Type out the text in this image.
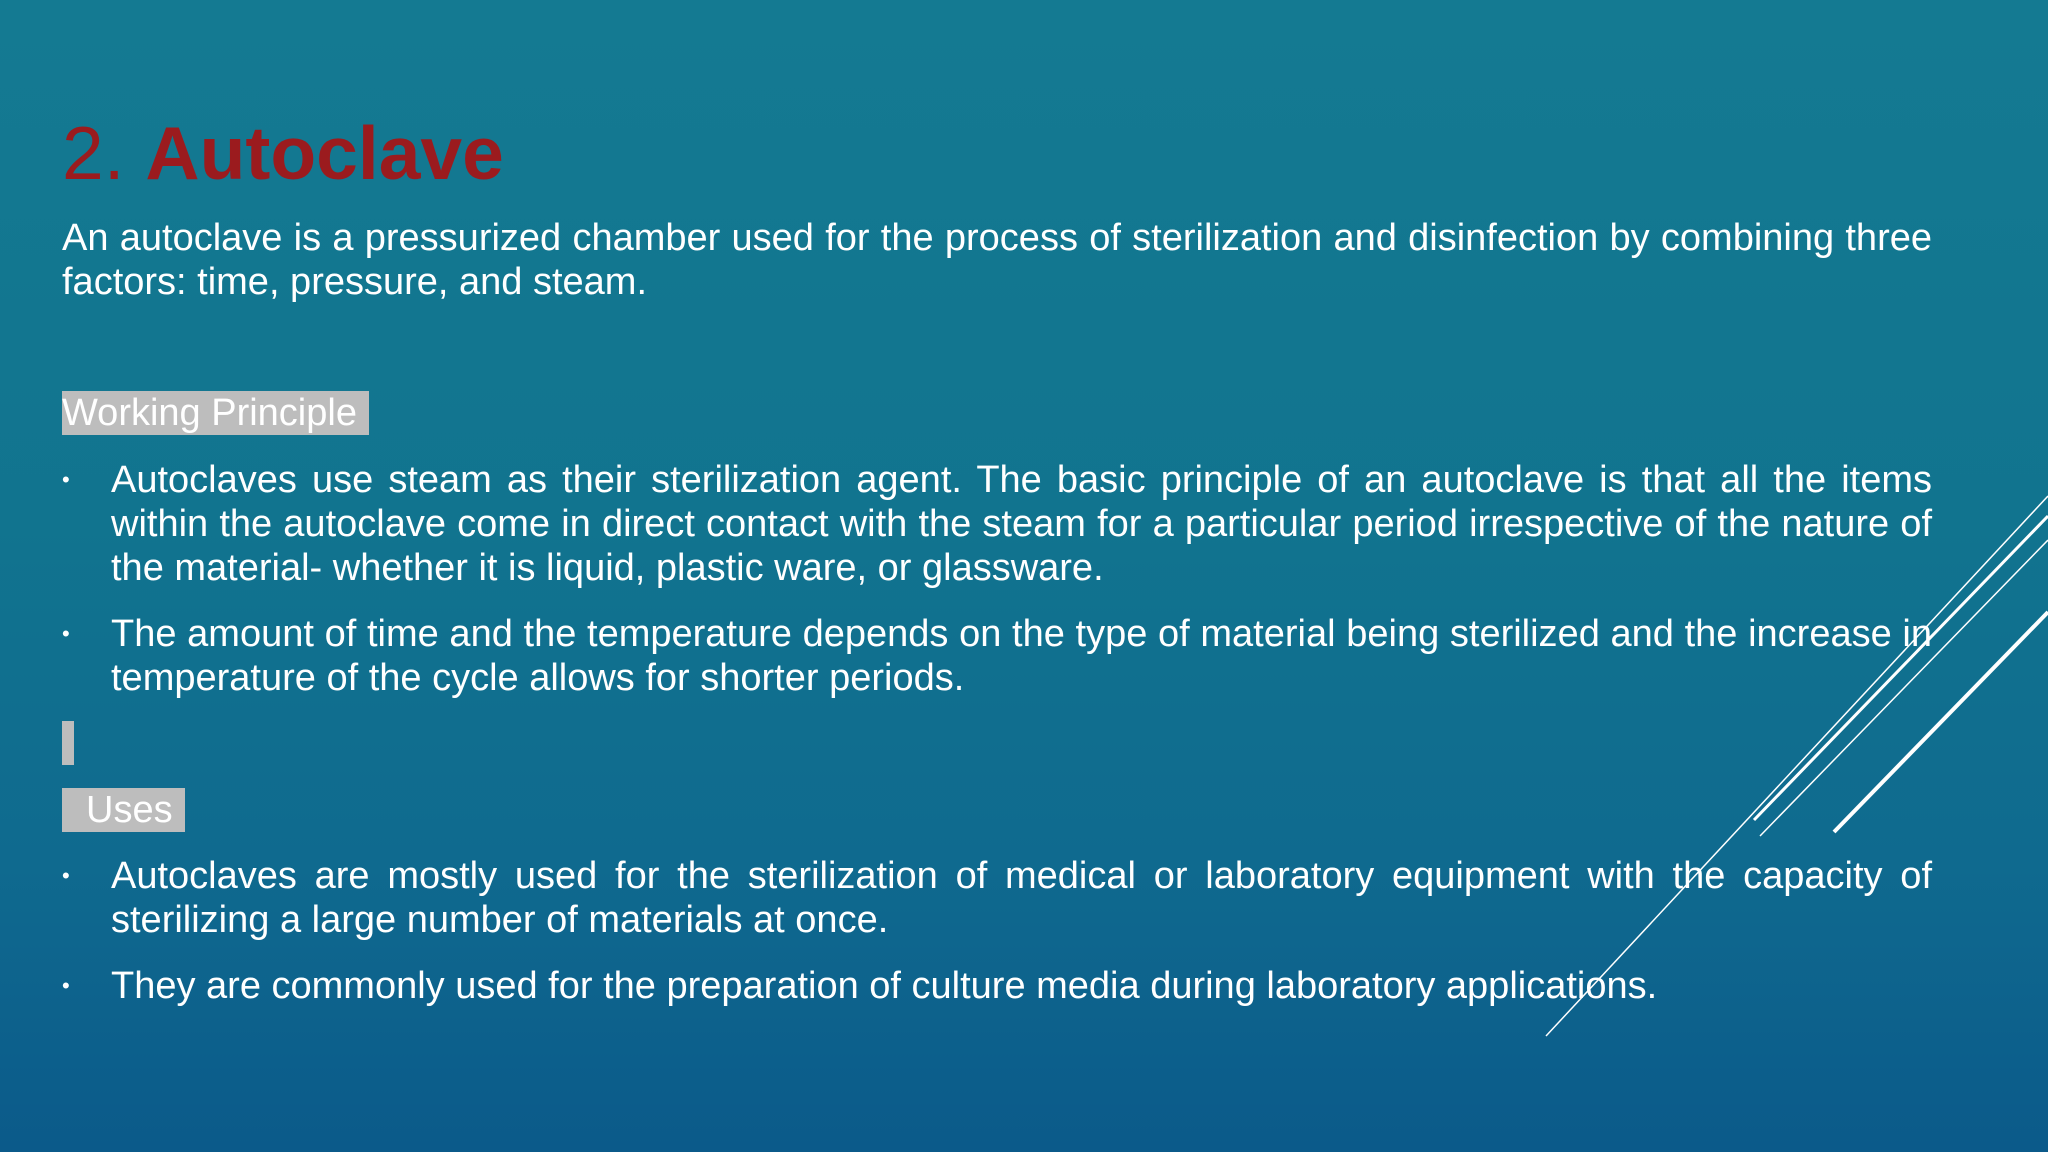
2. Autoclave

An autoclave is a pressurized chamber used for the process of sterilization and disinfection by combining three factors: time, pressure, and steam.

Working Principle
• Autoclaves use steam as their sterilization agent. The basic principle of an autoclave is that all the items within the autoclave come in direct contact with the steam for a particular period irrespective of the nature of the material- whether it is liquid, plastic ware, or glassware.
• The amount of time and the temperature depends on the type of material being sterilized and the increase in temperature of the cycle allows for shorter periods.
Uses
• Autoclaves are mostly used for the sterilization of medical or laboratory equipment with the capacity of sterilizing a large number of materials at once.
• They are commonly used for the preparation of culture media during laboratory applications.
